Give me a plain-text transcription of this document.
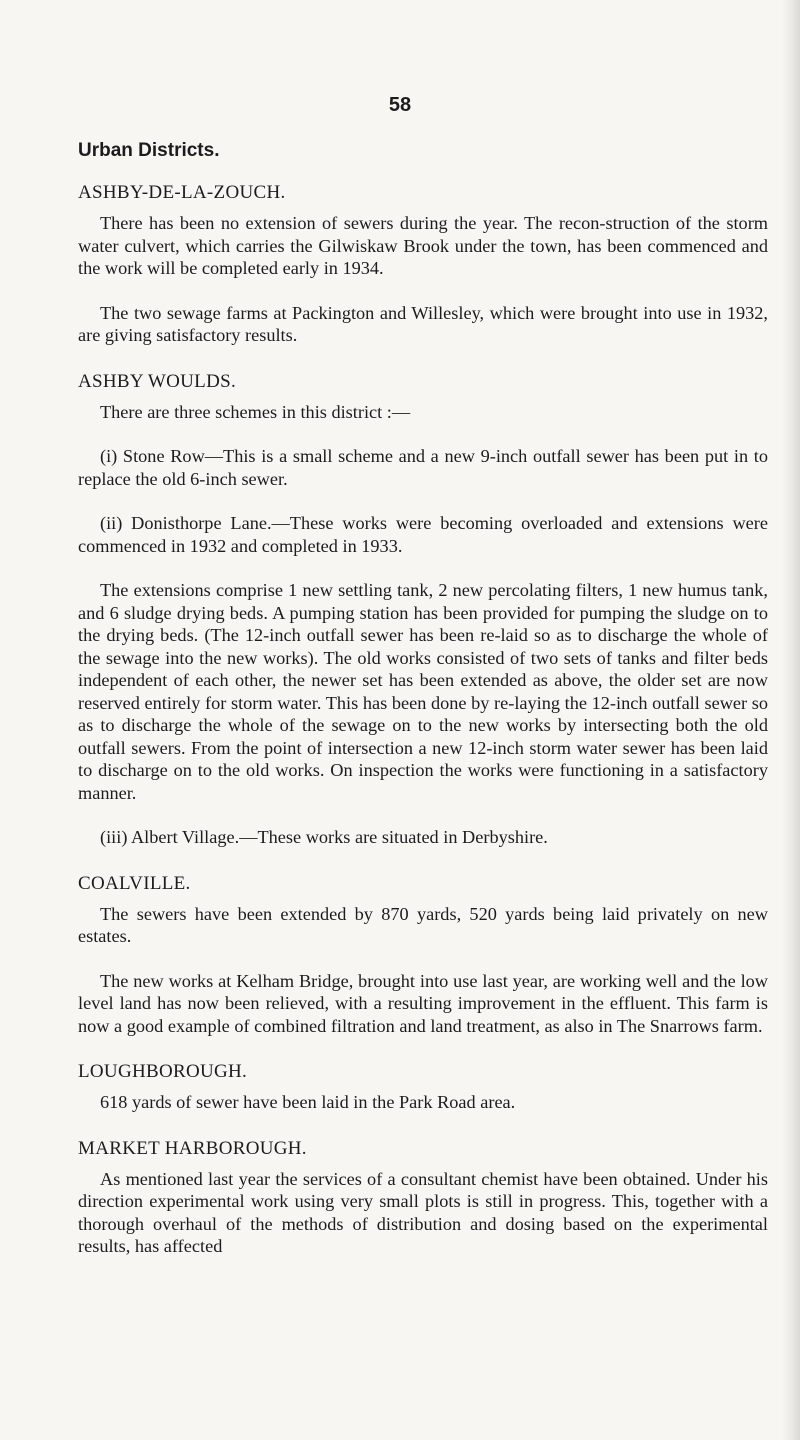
58
Urban Districts.
ASHBY-DE-LA-ZOUCH.

There has been no extension of sewers during the year. The recon-struction of the storm water culvert, which carries the Gilwiskaw Brook under the town, has been commenced and the work will be completed early in 1934.

The two sewage farms at Packington and Willesley, which were brought into use in 1932, are giving satisfactory results.

ASHBY WOULDS.

There are three schemes in this district :—

(i) Stone Row—This is a small scheme and a new 9-inch outfall sewer has been put in to replace the old 6-inch sewer.

(ii) Donisthorpe Lane.—These works were becoming overloaded and extensions were commenced in 1932 and completed in 1933.

The extensions comprise 1 new settling tank, 2 new percolating filters, 1 new humus tank, and 6 sludge drying beds. A pumping station has been provided for pumping the sludge on to the drying beds. (The 12-inch outfall sewer has been re-laid so as to discharge the whole of the sewage into the new works). The old works consisted of two sets of tanks and filter beds independent of each other, the newer set has been extended as above, the older set are now reserved entirely for storm water. This has been done by re-laying the 12-inch outfall sewer so as to discharge the whole of the sewage on to the new works by intersecting both the old outfall sewers. From the point of intersection a new 12-inch storm water sewer has been laid to discharge on to the old works. On inspection the works were functioning in a satisfactory manner.

(iii) Albert Village.—These works are situated in Derbyshire.

COALVILLE.

The sewers have been extended by 870 yards, 520 yards being laid privately on new estates.

The new works at Kelham Bridge, brought into use last year, are working well and the low level land has now been relieved, with a resulting improvement in the effluent. This farm is now a good example of combined filtration and land treatment, as also in The Snarrows farm.

LOUGHBOROUGH.

618 yards of sewer have been laid in the Park Road area.

MARKET HARBOROUGH.

As mentioned last year the services of a consultant chemist have been obtained. Under his direction experimental work using very small plots is still in progress. This, together with a thorough overhaul of the methods of distribution and dosing based on the experimental results, has affected
